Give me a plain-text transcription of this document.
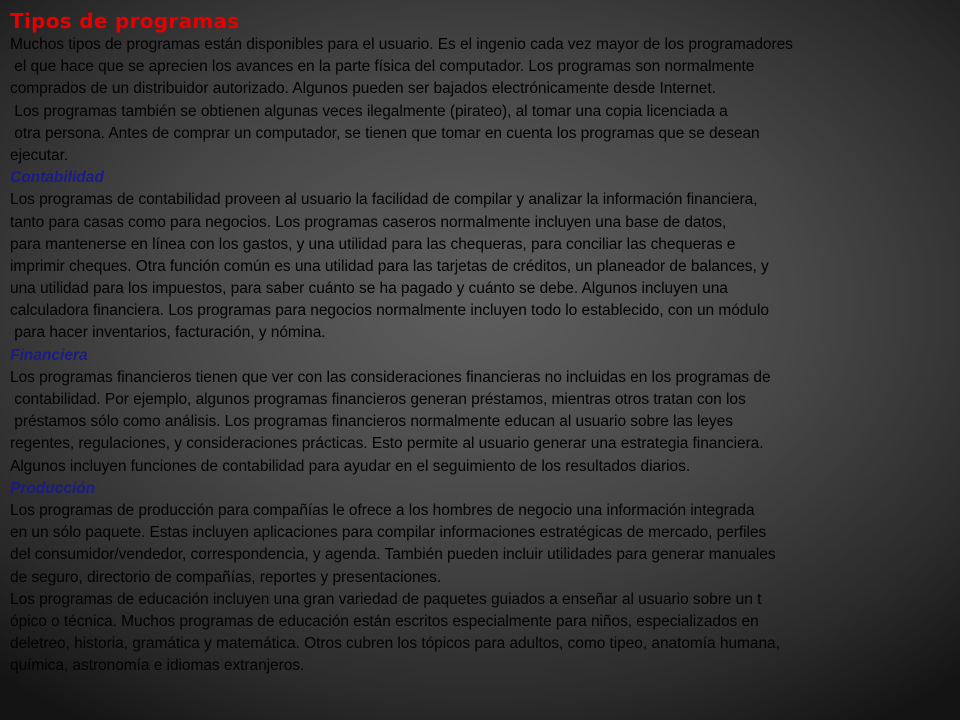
Tipos de programas
Muchos tipos de programas están disponibles para el usuario. Es el ingenio cada vez mayor de los programadores
el que hace que se aprecien los avances en la parte física del computador. Los programas son normalmente
comprados de un distribuidor autorizado. Algunos pueden ser bajados electrónicamente desde Internet.
Los programas también se obtienen algunas veces ilegalmente (pirateo), al tomar una copia licenciada a
otra persona. Antes de comprar un computador, se tienen que tomar en cuenta los programas que se desean
ejecutar.
Contabilidad
Los programas de contabilidad proveen al usuario la facilidad de compilar y analizar la información financiera,
tanto para casas como para negocios. Los programas caseros normalmente incluyen una base de datos,
para mantenerse en línea con los gastos, y una utilidad para las chequeras, para conciliar las chequeras e
imprimir cheques. Otra función común es una utilidad para las tarjetas de créditos, un planeador de balances, y
una utilidad para los impuestos, para saber cuánto se ha pagado y cuánto se debe. Algunos incluyen una
calculadora financiera. Los programas para negocios normalmente incluyen todo lo establecido, con un módulo
para hacer inventarios, facturación, y nómina.
Financiera
Los programas financieros tienen que ver con las consideraciones financieras no incluidas en los programas de
contabilidad. Por ejemplo, algunos programas financieros generan préstamos, mientras otros tratan con los
préstamos sólo como análisis. Los programas financieros normalmente educan al usuario sobre las leyes
regentes, regulaciones, y consideraciones prácticas. Esto permite al usuario generar una estrategia financiera.
Algunos incluyen funciones de contabilidad para ayudar en el seguimiento de los resultados diarios.
Producción
Los programas de producción para compañías le ofrece a los hombres de negocio una información integrada
en un sólo paquete. Estas incluyen aplicaciones para compilar informaciones estratégicas de mercado, perfiles
del consumidor/vendedor, correspondencia, y agenda. También pueden incluir utilidades para generar manuales
de seguro, directorio de compañías, reportes y presentaciones.
Los programas de educación incluyen una gran variedad de paquetes guiados a enseñar al usuario sobre un t
ópico o técnica. Muchos programas de educación están escritos especialmente para niños, especializados en
deletreo, historia, gramática y matemática. Otros cubren los tópicos para adultos, como tipeo, anatomía humana,
química, astronomía e idiomas extranjeros.
